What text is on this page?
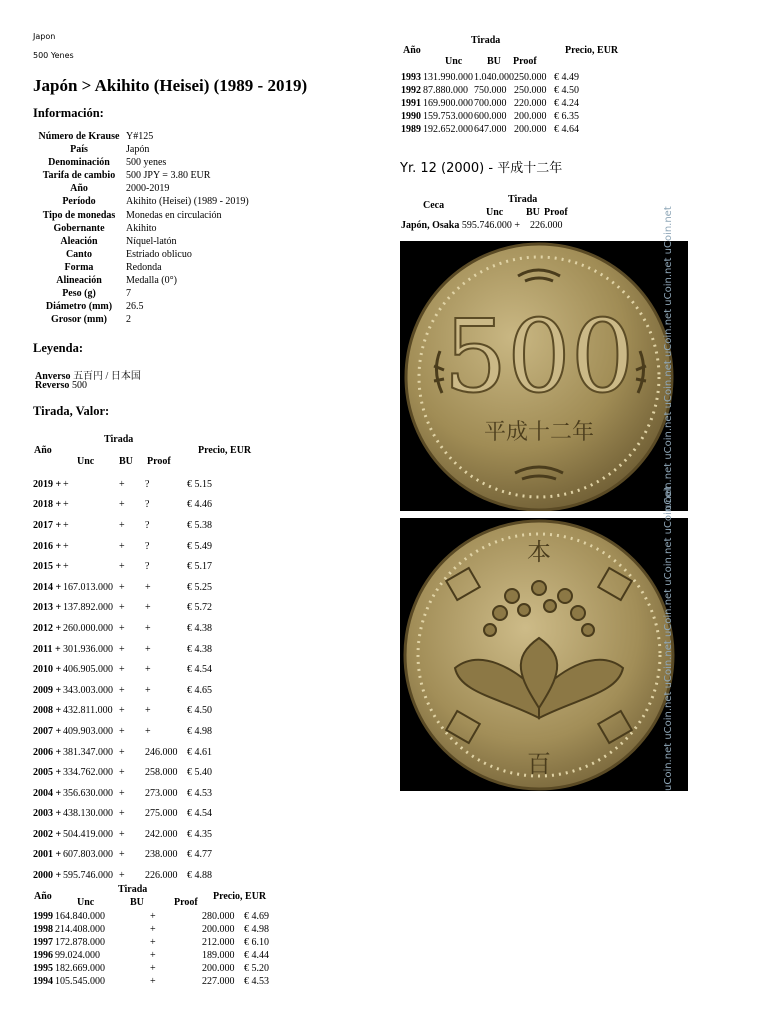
Japon
500 Yenes
Japón > Akihito (Heisei) (1989 - 2019)
Información:
Número de Krause Y#125
País	Japón
Denominación	500 yenes
Tarifa de cambio	500 JPY = 3.80 EUR
Año	2000-2019
Período	Akihito (Heisei) (1989 - 2019)
Tipo de monedas	Monedas en circulación
Gobernante	Akihito
Aleación	Níquel-latón
Canto	Estriado oblicuo
Forma	Redonda
Alineación	Medalla (0°)
Peso (g)	7
Diámetro (mm)	26.5
Grosor (mm)	2
Leyenda:
Anverso 五百円 / 日本国
Reverso 500
Tirada, Valor:
Tirada
Año	Precio, EUR
Unc BU Proof
2019 +	+	+	?	€ 5.15
2018 +	+	+	?	€ 4.46
2017 +	+	+	?	€ 5.38
2016 +	+	+	?	€ 5.49
2015 +	+	+	?	€ 5.17
2014 +	167.013.000	+	+	€ 5.25
2013 +	137.892.000	+	+	€ 5.72
2012 +	260.000.000	+	+	€ 4.38
2011 +	301.936.000	+	+	€ 4.38
2010 +	406.905.000	+	+	€ 4.54
2009 +	343.003.000	+	+	€ 4.65
2008 +	432.811.000	+	+	€ 4.50
2007 +	409.903.000	+	+	€ 4.98
2006 +	381.347.000	+	246.000	€ 4.61
2005 +	334.762.000	+	258.000	€ 5.40
2004 +	356.630.000	+	273.000	€ 4.53
2003 +	438.130.000	+	275.000	€ 4.54
2002 +	504.419.000	+	242.000	€ 4.35
2001 +	607.803.000	+	238.000	€ 4.77
2000 +	595.746.000	+	226.000	€ 4.88
Tirada
Año	Precio, EUR
Unc	BU	Proof
1999	164.840.000	+	280.000	€ 4.69
1998	214.408.000	+	200.000	€ 4.98
1997	172.878.000	+	212.000	€ 6.10
1996	99.024.000	+	189.000	€ 4.44
1995	182.669.000	+	200.000	€ 5.20
1994	105.545.000	+	227.000	€ 4.53
Tirada
Año	Precio, EUR
Unc BU Proof
1993	131.990.000	1.040.000	250.000	€ 4.49
1992	87.880.000	750.000	250.000	€ 4.50
1991	169.900.000	700.000	220.000	€ 4.24
1990	159.753.000	600.000	200.000	€ 6.35
1989	192.652.000	647.000	200.000	€ 4.64
Yr. 12 (2000) - 平成十二年
Tirada
Ceca
Unc BU Proof
Japón, Osaka 595.746.000 + 226.000
500
平成十二年	uCoin.net uCoin.net uCoin.net uCoin.net uCoin.net uCoin.net
本
百	uCoin.net uCoin.net uCoin.net uCoin.net uCoin.net uCoin.net
